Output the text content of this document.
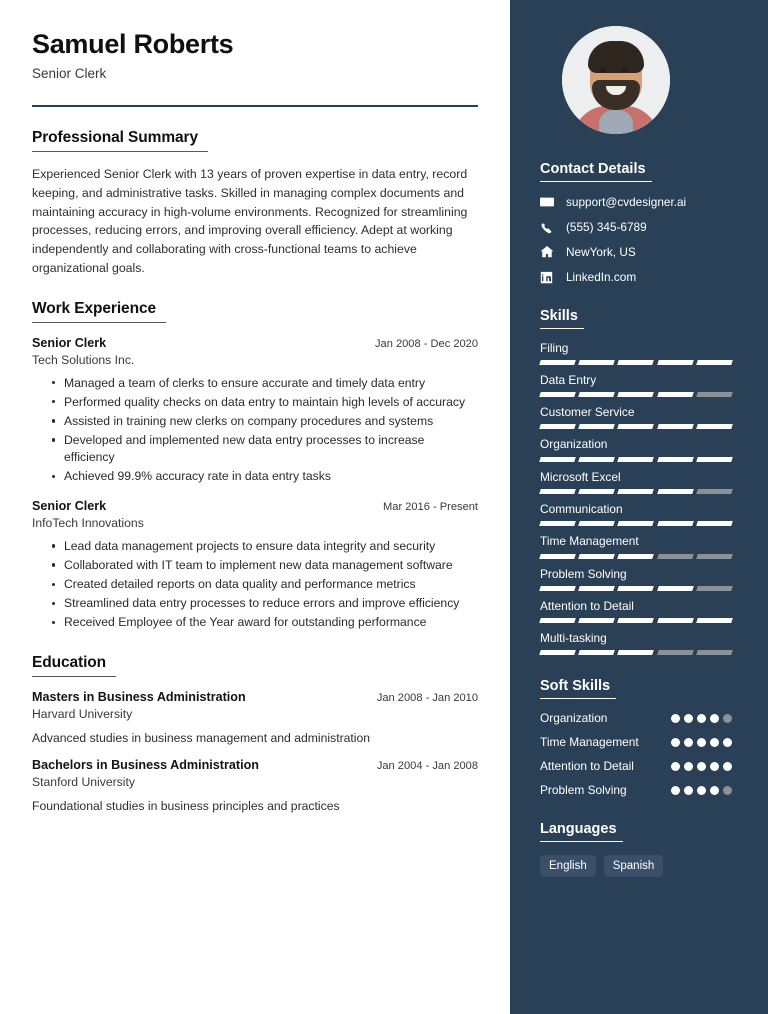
Samuel Roberts
Senior Clerk
Professional Summary
Experienced Senior Clerk with 13 years of proven expertise in data entry, record keeping, and administrative tasks. Skilled in managing complex documents and maintaining accuracy in high-volume environments. Recognized for streamlining processes, reducing errors, and improving overall efficiency. Adept at working independently and collaborating with cross-functional teams to achieve organizational goals.
Work Experience
Senior Clerk	Jan 2008 - Dec 2020
Tech Solutions Inc.
Managed a team of clerks to ensure accurate and timely data entry
Performed quality checks on data entry to maintain high levels of accuracy
Assisted in training new clerks on company procedures and systems
Developed and implemented new data entry processes to increase efficiency
Achieved 99.9% accuracy rate in data entry tasks
Senior Clerk	Mar 2016 - Present
InfoTech Innovations
Lead data management projects to ensure data integrity and security
Collaborated with IT team to implement new data management software
Created detailed reports on data quality and performance metrics
Streamlined data entry processes to reduce errors and improve efficiency
Received Employee of the Year award for outstanding performance
Education
Masters in Business Administration	Jan 2008 - Jan 2010
Harvard University
Advanced studies in business management and administration
Bachelors in Business Administration	Jan 2004 - Jan 2008
Stanford University
Foundational studies in business principles and practices
Contact Details
support@cvdesigner.ai
(555) 345-6789
NewYork, US
LinkedIn.com
Skills
Filing
Data Entry
Customer Service
Organization
Microsoft Excel
Communication
Time Management
Problem Solving
Attention to Detail
Multi-tasking
Soft Skills
Organization
Time Management
Attention to Detail
Problem Solving
Languages
English	Spanish
